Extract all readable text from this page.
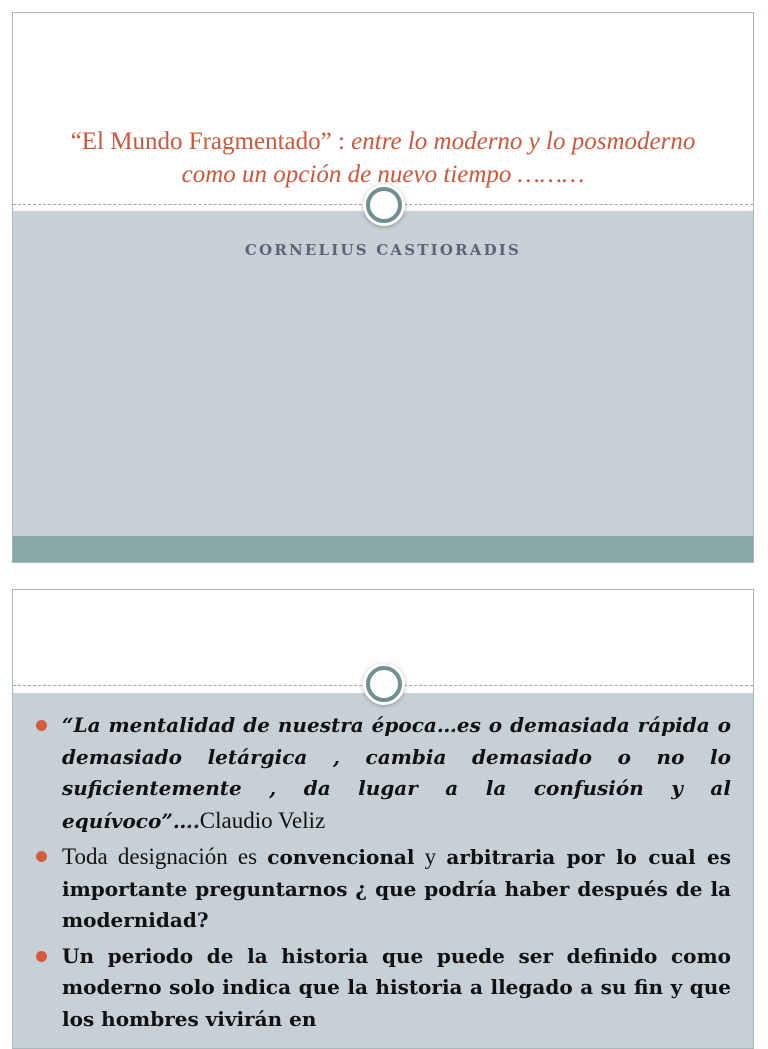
“El Mundo Fragmentado” : entre lo moderno y lo posmoderno como un opción de nuevo tiempo ………
CORNELIUS CASTIORADIS
“La mentalidad de nuestra época…es o demasiada rápida o demasiado letárgica , cambia demasiado o no lo suficientemente , da lugar a la confusión y al equívoco”….Claudio Veliz
Toda designación es convencional y arbitraria por lo cual es importante preguntarnos ¿ que podría haber después de la modernidad?
Un periodo de la historia que puede ser definido como moderno solo indica que la historia a llegado a su fin y que los hombres vivirán en
